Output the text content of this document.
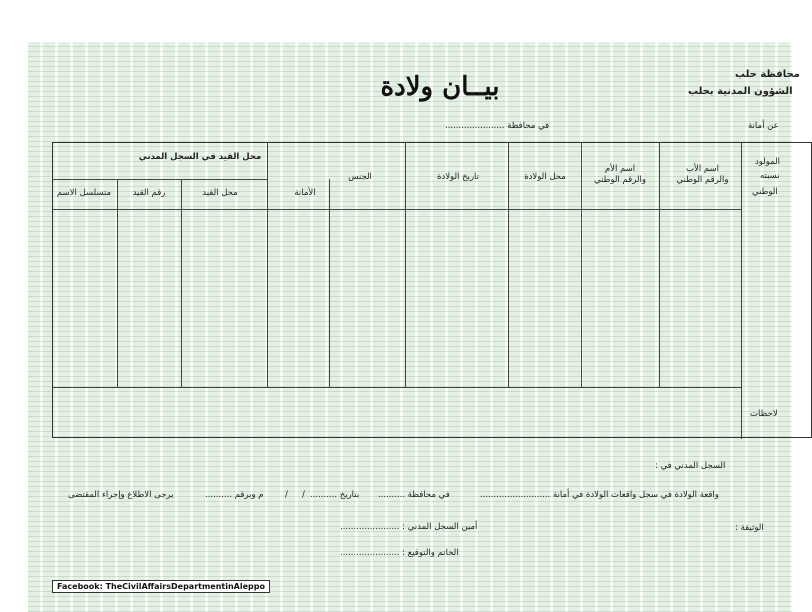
محافظة حلب
الشؤون المدنية بحلب
بيــان ولادة
عن أمانة
في محافظة ......................
محل القيد في السجل المدني
الأمانة
محل القيد
رقم القيد
متسلسل الاسم
الجنس	تاريخ الولادة	محل الولادة
اسم الأم
والرقم الوطني
اسم الأب
والرقم الوطني
المولود
نسبته
الوطني
لاحظات
السجل المدني في :
واقعة الولادة في سجل واقعات الولادة في أمانة ..........................
في محافظة ..........
بتاريخ ..........
/
/
م وبرقم ..........
يرجى الاطلاع وإجراء المقتضى
أمين السجل المدني : ......................
الخاتم والتوقيع : ......................
الوثيقة :
Facebook: TheCivilAffairsDepartmentinAleppo
